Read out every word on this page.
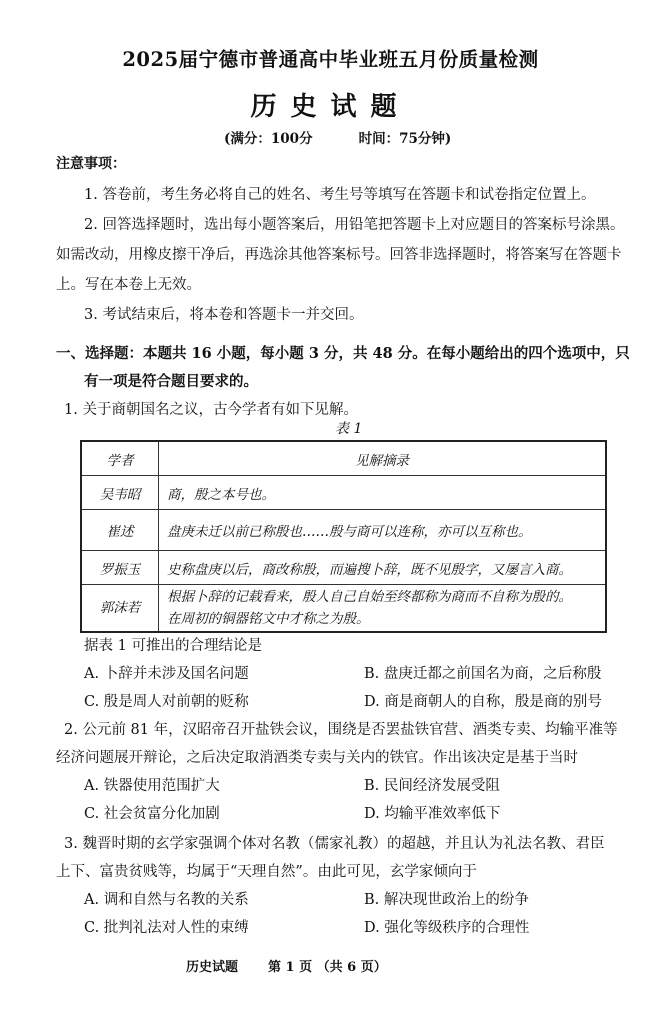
2025届宁德市普通高中毕业班五月份质量检测
历史试题
(满分：100分	时间：75分钟)
注意事项：
1. 答卷前，考生务必将自己的姓名、考生号等填写在答题卡和试卷指定位置上。
2. 回答选择题时，选出每小题答案后，用铅笔把答题卡上对应题目的答案标号涂黑。
如需改动，用橡皮擦干净后，再选涂其他答案标号。回答非选择题时，将答案写在答题卡
上。写在本卷上无效。
3. 考试结束后，将本卷和答题卡一并交回。
一、选择题：本题共 16 小题，每小题 3 分，共 48 分。在每小题给出的四个选项中，只
有一项是符合题目要求的。
1. 关于商朝国名之议，古今学者有如下见解。
表 1
学者	见解摘录
吴韦昭	商，殷之本号也。
崔述	盘庚未迁以前已称殷也……殷与商可以连称，亦可以互称也。
罗振玉	史称盘庚以后，商改称殷，而遍搜卜辞，既不见殷字，又屡言入商。
郭沫若	根据卜辞的记载看来，殷人自己自始至终都称为商而不自称为殷的。
在周初的铜器铭文中才称之为殷。
据表 1 可推出的合理结论是
A. 卜辞并未涉及国名问题	B. 盘庚迁都之前国名为商，之后称殷
C. 殷是周人对前朝的贬称	D. 商是商朝人的自称，殷是商的别号
2. 公元前 81 年，汉昭帝召开盐铁会议，围绕是否罢盐铁官营、酒类专卖、均输平准等
经济问题展开辩论，之后决定取消酒类专卖与关内的铁官。作出该决定是基于当时
A. 铁器使用范围扩大	B. 民间经济发展受阻
C. 社会贫富分化加剧	D. 均输平准效率低下
3. 魏晋时期的玄学家强调个体对名教（儒家礼教）的超越，并且认为礼法名教、君臣
上下、富贵贫贱等，均属于“天理自然”。由此可见，玄学家倾向于
A. 调和自然与名教的关系	B. 解决现世政治上的纷争
C. 批判礼法对人性的束缚	D. 强化等级秩序的合理性
历史试题 第 1 页 （共 6 页）
